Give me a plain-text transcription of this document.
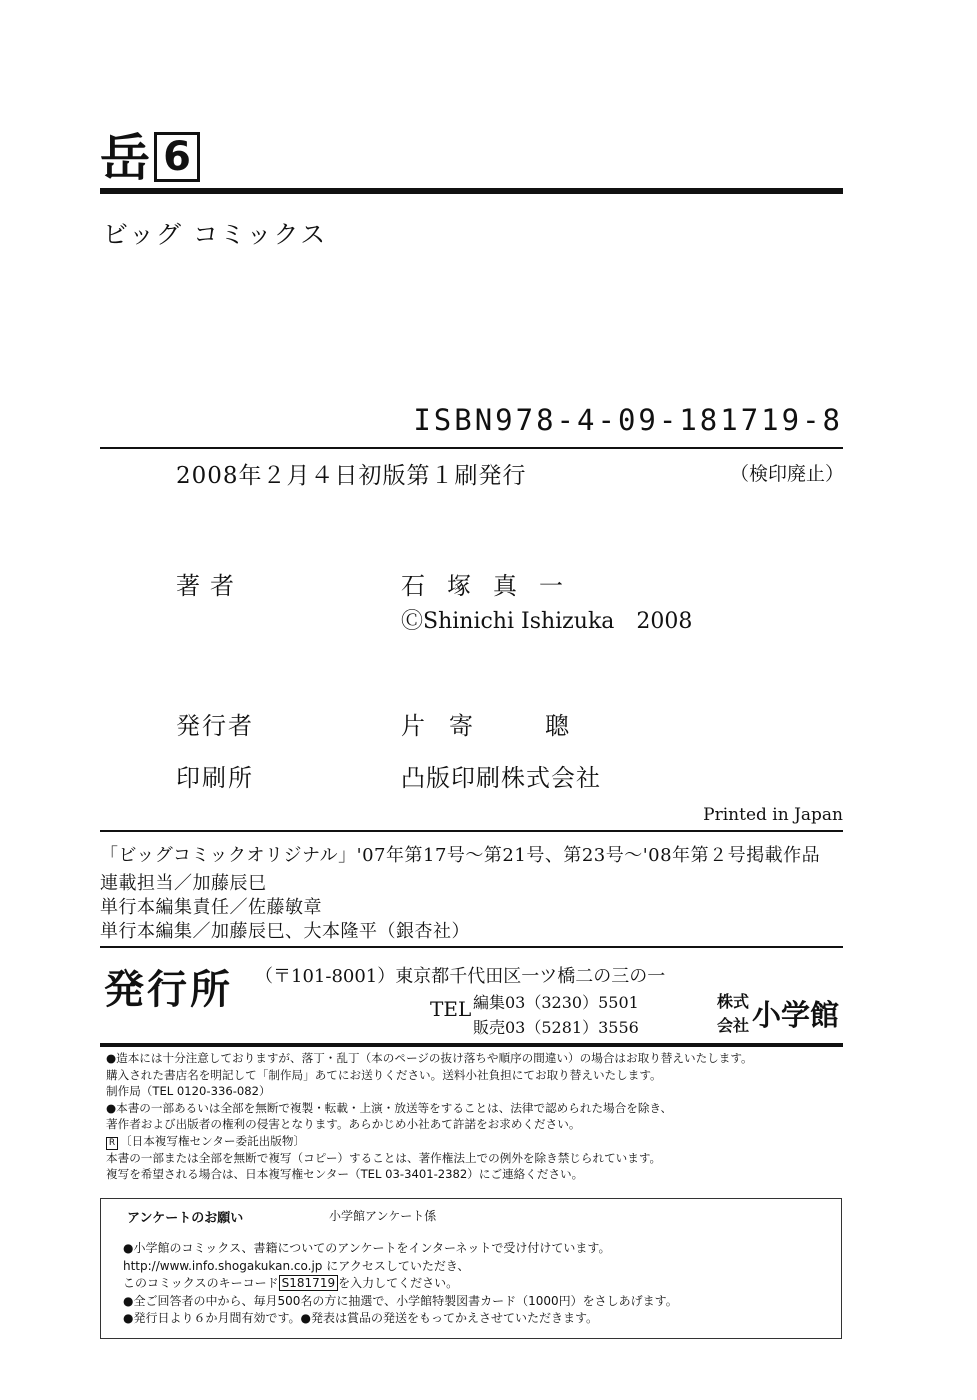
岳 6
ビッグ コミックス
ISBN978-4-09-181719-8
2008年２月４日初版第１刷発行	（検印廃止）
著者	石塚真一
ⒸShinichi Ishizuka　2008
発行者	片寄　聰
印刷所	凸版印刷株式会社
Printed in Japan
「ビッグコミックオリジナル」'07年第17号〜第21号、第23号〜'08年第２号掲載作品
連載担当／加藤辰巳
単行本編集責任／佐藤敏章
単行本編集／加藤辰巳、大本隆平（銀杏社）
発行所 （〒101-8001）東京都千代田区一ツ橋二の三の一
TEL 編集03（3230）5501
販売03（5281）3556
株式
会社 小学館
●造本には十分注意しておりますが、落丁・乱丁（本のページの抜け落ちや順序の間違い）の場合はお取り替えいたします。
購入された書店名を明記して「制作局」あてにお送りください。送料小社負担にてお取り替えいたします。
制作局（TEL 0120-336-082）
●本書の一部あるいは全部を無断で複製・転載・上演・放送等をすることは、法律で認められた場合を除き、
著作者および出版者の権利の侵害となります。あらかじめ小社あて許諾をお求めください。
R 〔日本複写権センター委託出版物〕
本書の一部または全部を無断で複写（コピー）することは、著作権法上での例外を除き禁じられています。
複写を希望される場合は、日本複写権センター（TEL 03-3401-2382）にご連絡ください。
アンケートのお願い	小学館アンケート係
●小学館のコミックス、書籍についてのアンケートをインターネットで受け付けています。
http://www.info.shogakukan.co.jp にアクセスしていただき、
このコミックスのキーコード S181719 を入力してください。
●全ご回答者の中から、毎月500名の方に抽選で、小学館特製図書カード（1000円）をさしあげます。
●発行日より６か月間有効です。●発表は賞品の発送をもってかえさせていただきます。
